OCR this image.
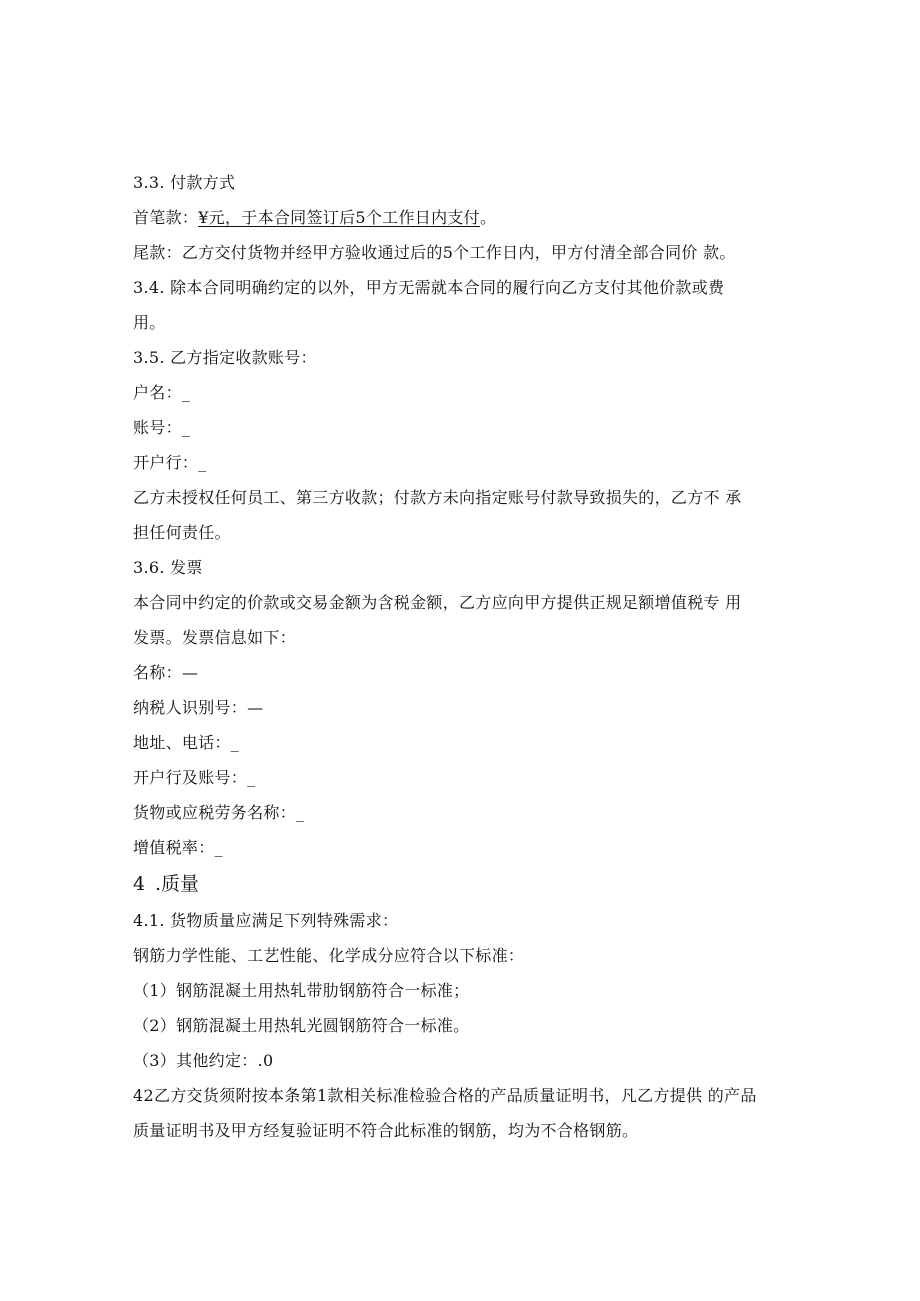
3.3. 付款方式
首笔款：¥元，于本合同签订后5个工作日内支付。
尾款：乙方交付货物并经甲方验收通过后的5个工作日内，甲方付清全部合同价 款。
3.4. 除本合同明确约定的以外，甲方无需就本合同的履行向乙方支付其他价款或费
用。
3.5. 乙方指定收款账号：
户名：_
账号：_
开户行：_
乙方未授权任何员工、第三方收款；付款方未向指定账号付款导致损失的，乙方不 承
担任何责任。
3.6. 发票
本合同中约定的价款或交易金额为含税金额，乙方应向甲方提供正规足额增值税专 用
发票。发票信息如下：
名称：—
纳税人识别号：—
地址、电话：_
开户行及账号：_
货物或应税劳务名称：_
增值税率：_
4 .质量
4.1. 货物质量应满足下列特殊需求：
钢筋力学性能、工艺性能、化学成分应符合以下标准：
（1）钢筋混凝土用热轧带肋钢筋符合一标准；
（2）钢筋混凝土用热轧光圆钢筋符合一标准。
（3）其他约定：.0
42乙方交货须附按本条第1款相关标准检验合格的产品质量证明书，凡乙方提供 的产品
质量证明书及甲方经复验证明不符合此标准的钢筋，均为不合格钢筋。
